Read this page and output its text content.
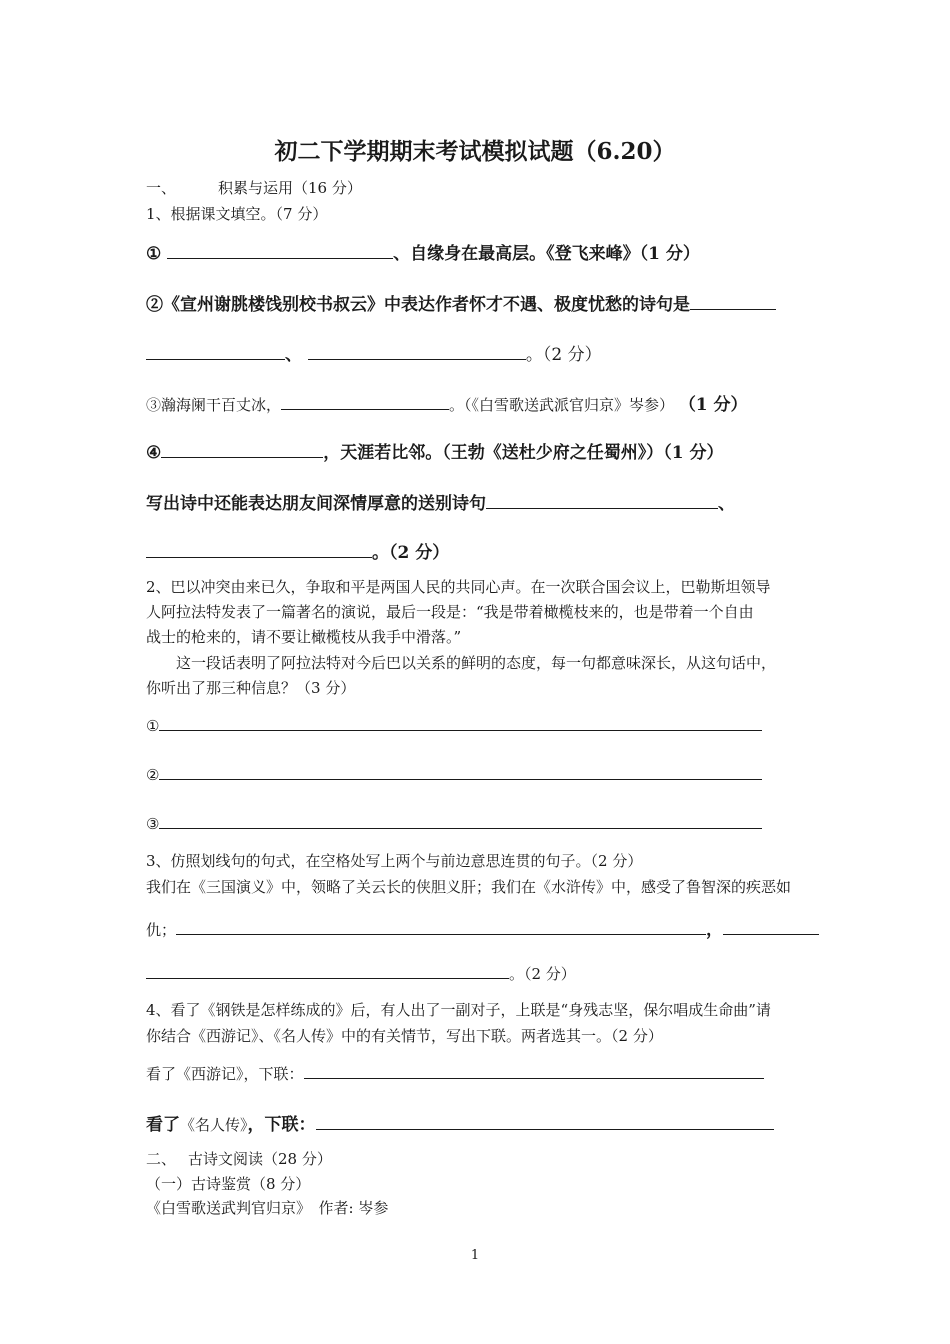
初二下学期期末考试模拟试题（6.20）
一、	积累与运用（16 分）
1、根据课文填空。（7 分）
①	、自缘身在最高层。《登飞来峰》（1 分）
②《宣州谢朓楼饯别校书叔云》中表达作者怀才不遇、极度忧愁的诗句是
、	。（2 分）
③瀚海阑干百丈冰，	。（《白雪歌送武派官归京》岑参） （1 分）
④	，天涯若比邻。（王勃《送杜少府之任蜀州》）（1 分）
写出诗中还能表达朋友间深情厚意的送别诗句	、
。（2 分）
2、巴以冲突由来已久，争取和平是两国人民的共同心声。在一次联合国会议上，巴勒斯坦领导
人阿拉法特发表了一篇著名的演说，最后一段是：“我是带着橄榄枝来的，也是带着一个自由
战士的枪来的，请不要让橄榄枝从我手中滑落。”
这一段话表明了阿拉法特对今后巴以关系的鲜明的态度，每一句都意味深长，从这句话中，
你听出了那三种信息？（3 分）
①
②
③
3、仿照划线句的句式，在空格处写上两个与前边意思连贯的句子。（2 分）
我们在《三国演义》中，领略了关云长的侠胆义肝；我们在《水浒传》中，感受了鲁智深的疾恶如
仇；	，
。（2 分）
4、看了《钢铁是怎样练成的》后，有人出了一副对子，上联是“身残志坚，保尔唱成生命曲”请
你结合《西游记》、《名人传》中的有关情节，写出下联。两者选其一。（2 分）
看了《西游记》，下联：
看了《名人传》，下联：
二、 古诗文阅读（28 分）
（一）古诗鉴赏（8 分）
《白雪歌送武判官归京》　作者: 岑参
1
